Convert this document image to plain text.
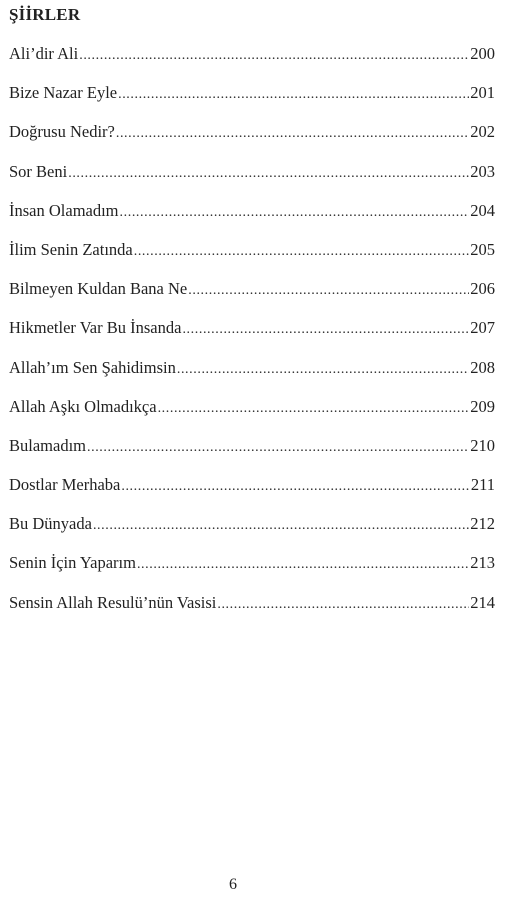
ŞİİRLER
Ali’dir Ali .....	200
Bize Nazar Eyle .....	201
Doğrusu Nedir? .....	202
Sor Beni .....	203
İnsan Olamadım .....	204
İlim Senin Zatında .....	205
Bilmeyen Kuldan Bana Ne .....	206
Hikmetler Var Bu İnsanda .....	207
Allah’ım Sen Şahidimsin .....	208
Allah Aşkı Olmadıkça .....	209
Bulamadım .....	210
Dostlar Merhaba .....	211
Bu Dünyada .....	212
Senin İçin Yaparım .....	213
Sensin Allah Resulü’nün Vasisi .....	214
6
